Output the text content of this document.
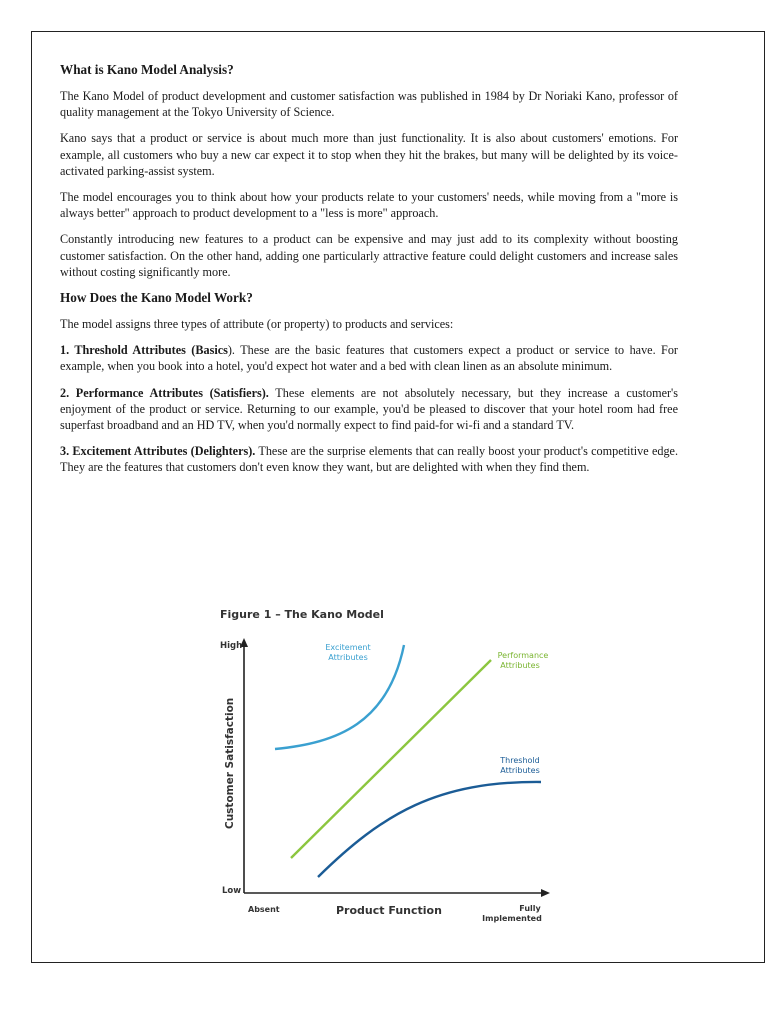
What is Kano Model Analysis?

The Kano Model of product development and customer satisfaction was published in 1984 by Dr Noriaki Kano, professor of quality management at the Tokyo University of Science.

Kano says that a product or service is about much more than just functionality. It is also about customers' emotions. For example, all customers who buy a new car expect it to stop when they hit the brakes, but many will be delighted by its voice-activated parking-assist system.

The model encourages you to think about how your products relate to your customers' needs, while moving from a "more is always better" approach to product development to a "less is more" approach.

Constantly introducing new features to a product can be expensive and may just add to its complexity without boosting customer satisfaction. On the other hand, adding one particularly attractive feature could delight customers and increase sales without costing significantly more.

How Does the Kano Model Work?

The model assigns three types of attribute (or property) to products and services:

1. Threshold Attributes (Basics). These are the basic features that customers expect a product or service to have. For example, when you book into a hotel, you'd expect hot water and a bed with clean linen as an absolute minimum.

2. Performance Attributes (Satisfiers). These elements are not absolutely necessary, but they increase a customer's enjoyment of the product or service. Returning to our example, you'd be pleased to discover that your hotel room had free superfast broadband and an HD TV, when you'd normally expect to find paid-for wi-fi and a standard TV.

3. Excitement Attributes (Delighters). These are the surprise elements that can really boost your product's competitive edge. They are the features that customers don't even know they want, but are delighted with when they find them.

Figure 1 – The Kano Model
High
Low
Customer Satisfaction
Absent	Product Function	Fully
Implemented
Excitement
Attributes	Performance
Attributes
Threshold
Attributes
